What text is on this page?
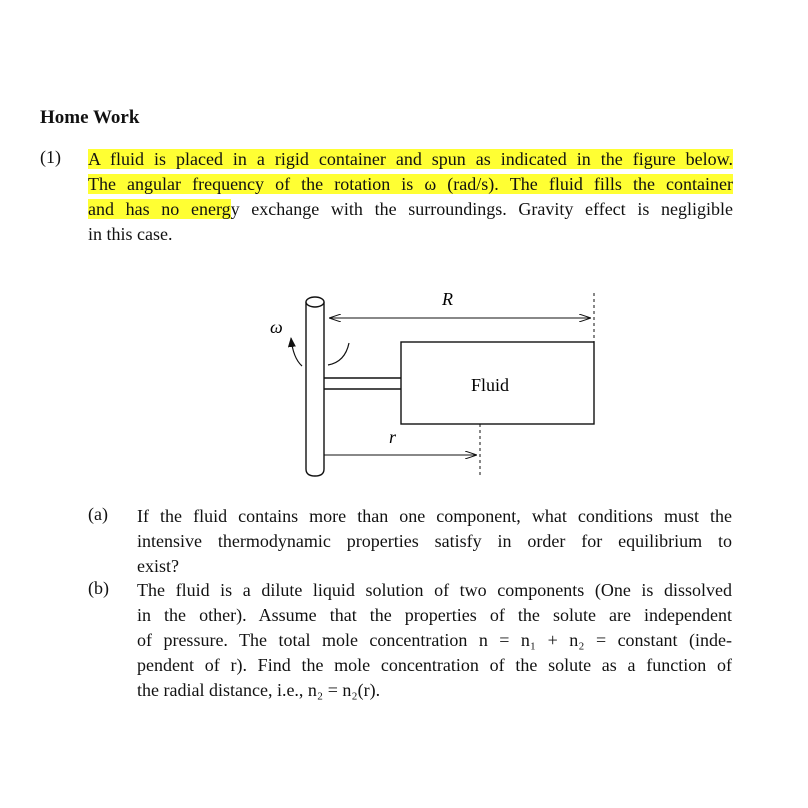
Home Work
(1) A fluid is placed in a rigid container and spun as indicated in the figure below.
The angular frequency of the rotation is ω (rad/s). The fluid fills the container
and has no energy exchange with the surroundings. Gravity effect is negligible
in this case.
ω
Fluid
R
r
(a) If the fluid contains more than one component, what conditions must the
intensive thermodynamic properties satisfy in order for equilibrium to
exist?
(b) The fluid is a dilute liquid solution of two components (One is dissolved
in the other). Assume that the properties of the solute are independent
of pressure. The total mole concentration n = n₁ + n₂ = constant (inde-
pendent of r). Find the mole concentration of the solute as a function of
the radial distance, i.e., n₂ = n₂(r).
